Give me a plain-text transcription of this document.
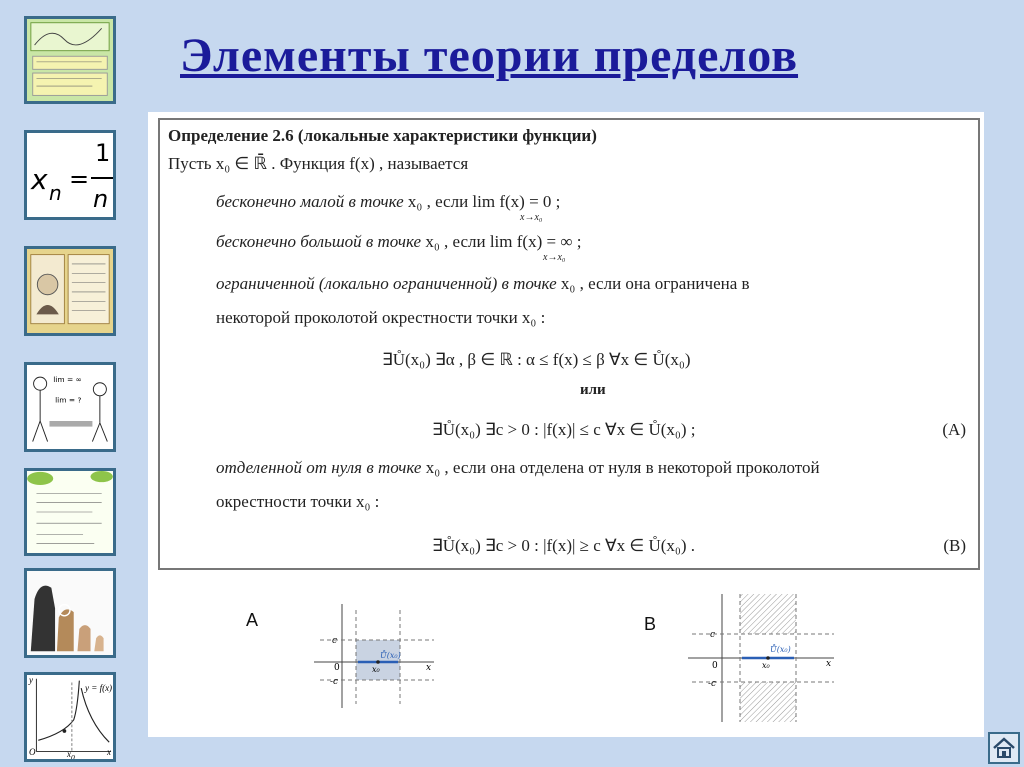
Элементы теории пределов
x n =
1
n
lim = ∞
lim = ?
y
y = f(x)
O	$x_0$
x
Определение 2.6 (локальные характеристики функции)
Пусть x₀ ∈ ℝ̄ . Функция f(x) , называется
бесконечно малой в точке x₀ , если lim f(x) = 0 ;
x→x₀
бесконечно большой в точке x₀ , если lim f(x) = ∞ ;
x→x₀
ограниченной (локально ограниченной) в точке x₀ , если она ограничена в
некоторой проколотой окрестности точки x₀ :
∃Ů(x₀) ∃α , β ∈ ℝ : α ≤ f(x) ≤ β ∀x ∈ Ů(x₀)
или
∃Ů(x₀) ∃c > 0 : |f(x)| ≤ c ∀x ∈ Ů(x₀) ;	(A)
отделенной от нуля в точке x₀ , если она отделена от нуля в некоторой проколотой
окрестности точки x₀ :
∃Ů(x₀) ∃c > 0 : |f(x)| ≥ c ∀x ∈ Ů(x₀) .	(B)
A	B
c
-c
0	x
x₀
Ů(x₀)
c
-c
0	x
x₀
Ů(x₀)
